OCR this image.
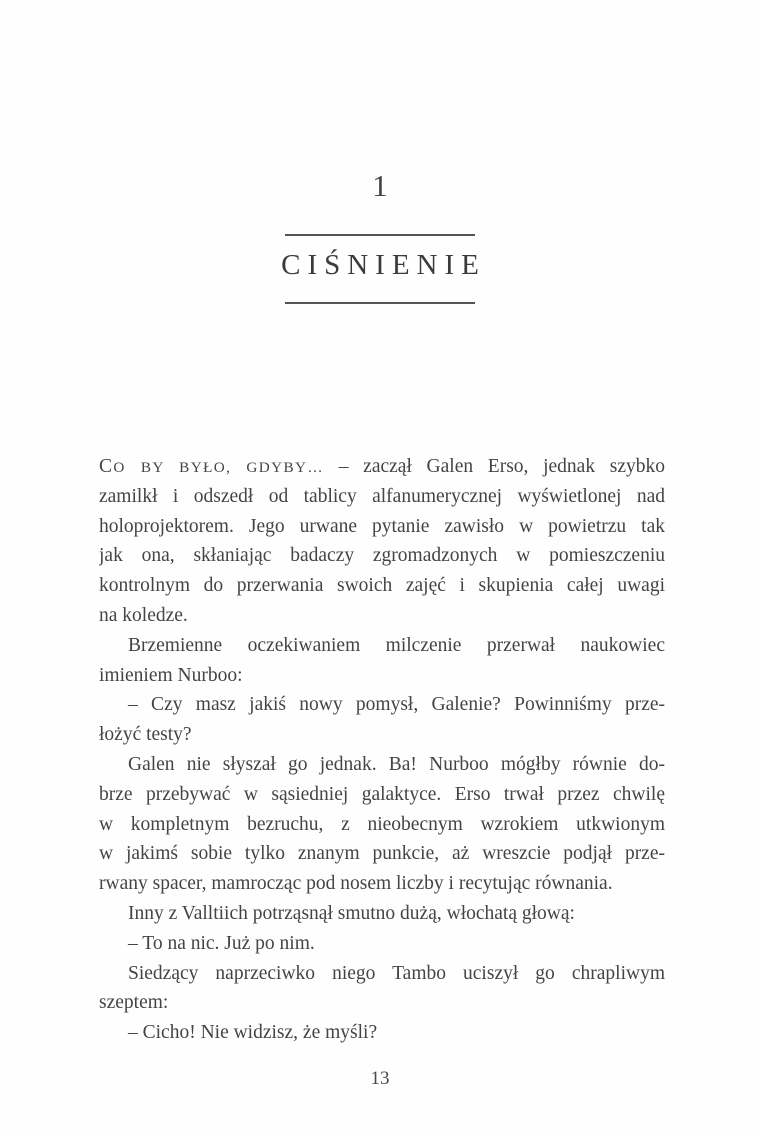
1
CIŚNIENIE
CO BY BYŁO, GDYBY… – zaczął Galen Erso, jednak szybko
zamilkł i odszedł od tablicy alfanumerycznej wyświetlonej nad
holoprojektorem. Jego urwane pytanie zawisło w powietrzu tak
jak ona, skłaniając badaczy zgromadzonych w pomieszczeniu
kontrolnym do przerwania swoich zajęć i skupienia całej uwagi
na koledze.
Brzemienne oczekiwaniem milczenie przerwał naukowiec
imieniem Nurboo:
– Czy masz jakiś nowy pomysł, Galenie? Powinniśmy prze-
łożyć testy?
Galen nie słyszał go jednak. Ba! Nurboo mógłby równie do-
brze przebywać w sąsiedniej galaktyce. Erso trwał przez chwilę
w kompletnym bezruchu, z nieobecnym wzrokiem utkwionym
w jakimś sobie tylko znanym punkcie, aż wreszcie podjął prze-
rwany spacer, mamrocząc pod nosem liczby i recytując równania.
Inny z Valltiich potrząsnął smutno dużą, włochatą głową:
– To na nic. Już po nim.
Siedzący naprzeciwko niego Tambo uciszył go chrapliwym
szeptem:
– Cicho! Nie widzisz, że myśli?
13
